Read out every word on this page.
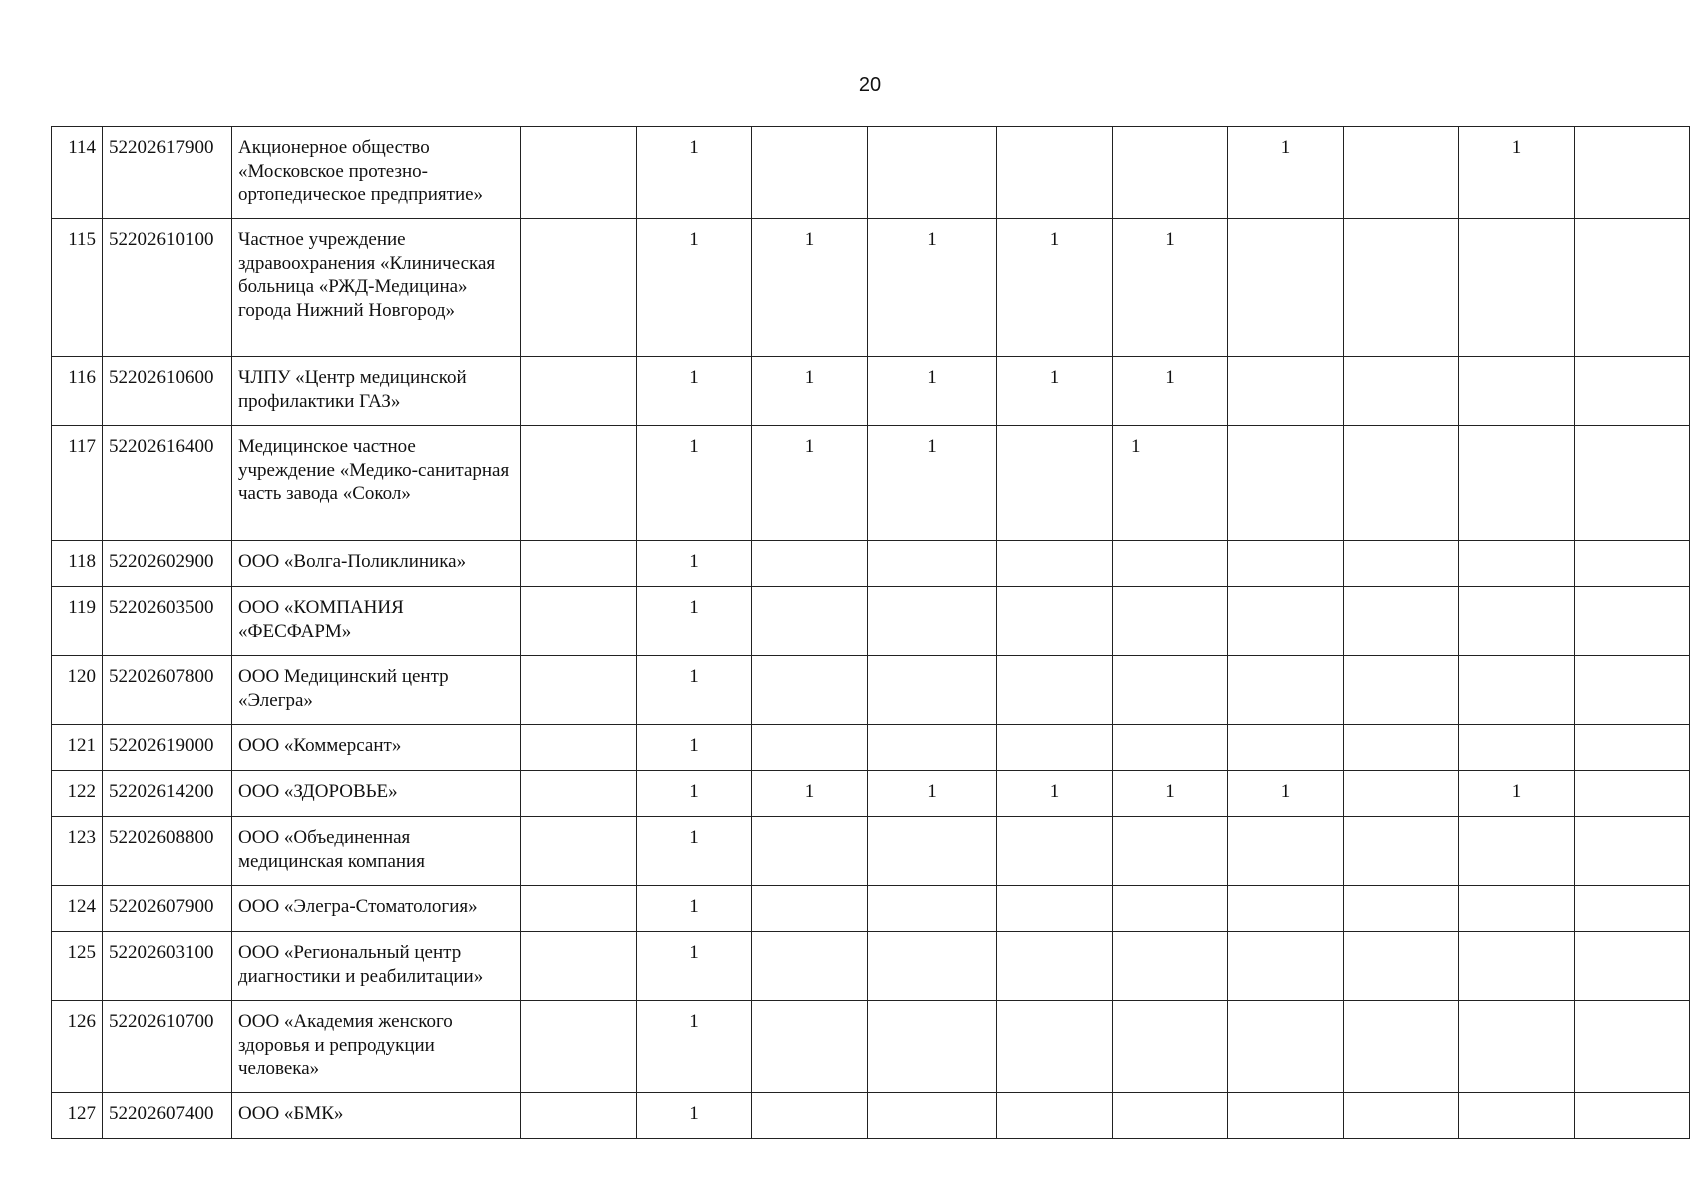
20
114	52202617900	Акционерное общество «Московское протезно-ортопедическое предприятие»		1					1		1	
115	52202610100	Частное учреждение здравоохранения «Клиническая больница «РЖД-Медицина» города Нижний Новгород»		1	1	1	1	1				
116	52202610600	ЧЛПУ «Центр медицинской профилактики ГАЗ»		1	1	1	1	1				
117	52202616400	Медицинское частное учреждение «Медико-санитарная часть завода «Сокол»		1	1	1		1				
118	52202602900	ООО «Волга-Поликлиника»		1								
119	52202603500	ООО «КОМПАНИЯ «ФЕСФАРМ»		1								
120	52202607800	ООО Медицинский центр «Элегра»		1								
121	52202619000	ООО «Коммерсант»		1								
122	52202614200	ООО «ЗДОРОВЬЕ»		1	1	1	1	1	1		1	
123	52202608800	ООО «Объединенная медицинская компания		1								
124	52202607900	ООО «Элегра-Стоматология»		1								
125	52202603100	ООО «Региональный центр диагностики и реабилитации»		1								
126	52202610700	ООО «Академия женского здоровья и репродукции человека»		1								
127	52202607400	ООО «БМК»		1								
